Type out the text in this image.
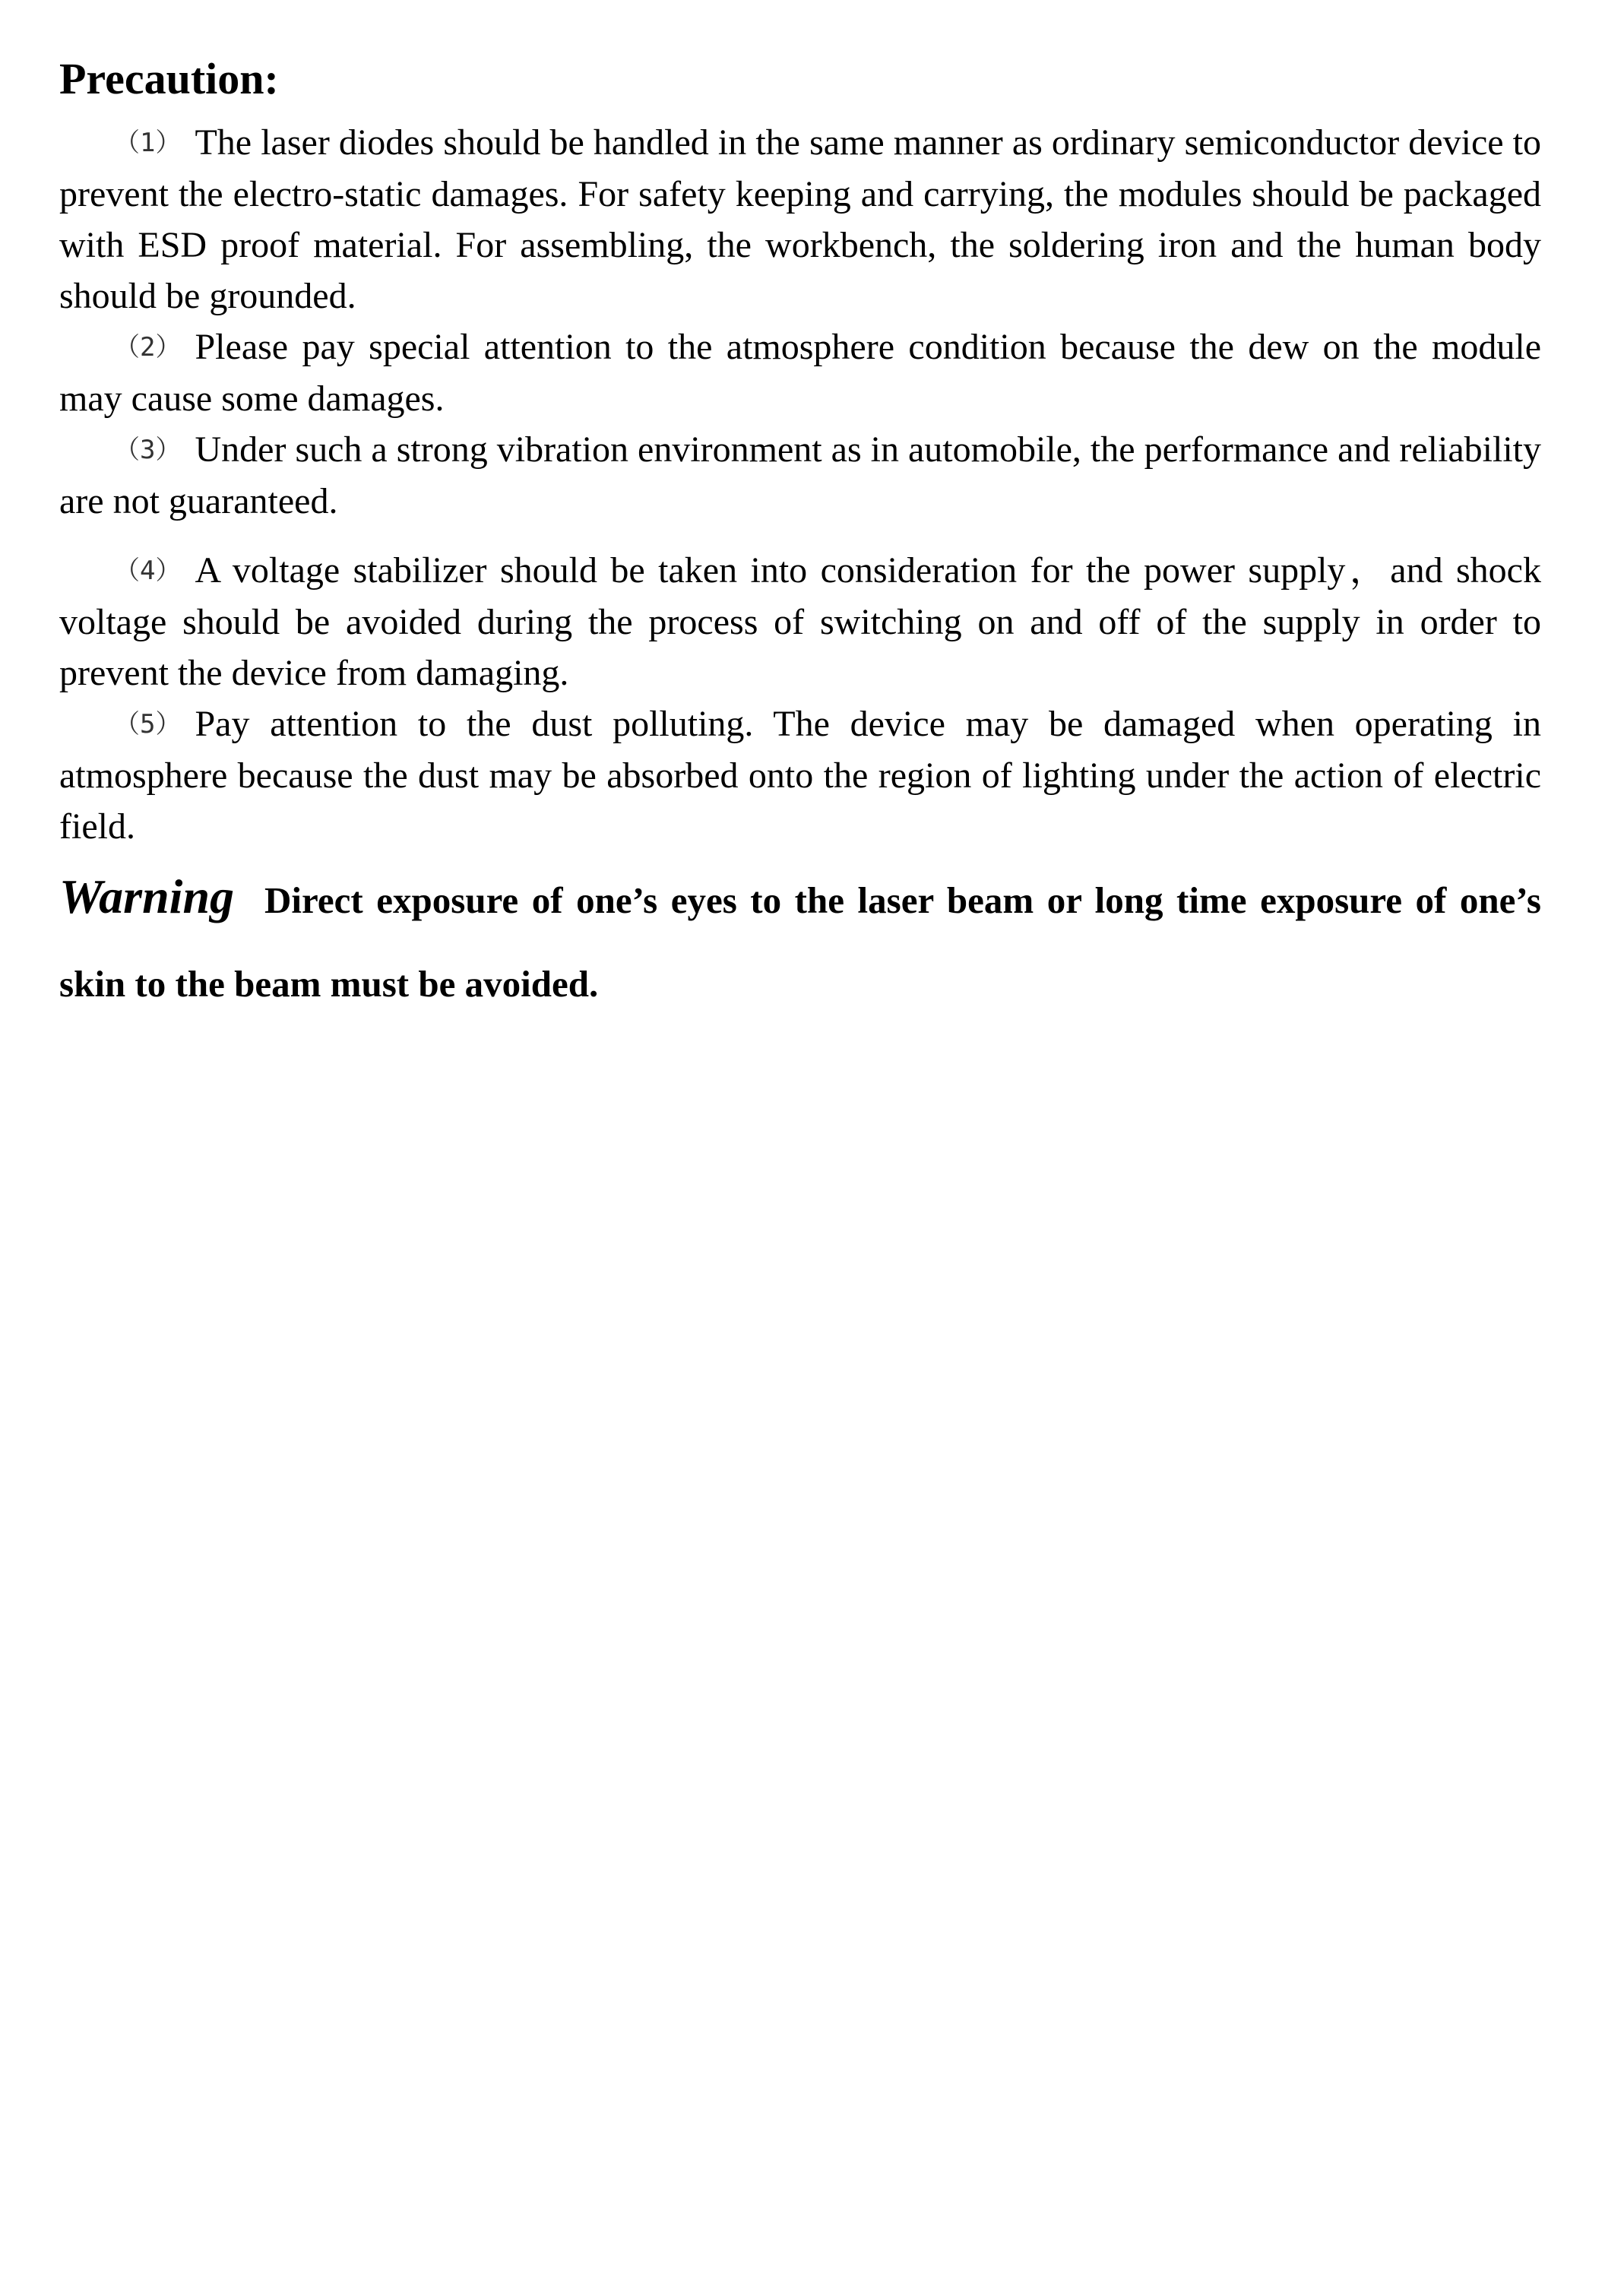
Precaution:

（1） The laser diodes should be handled in the same manner as ordinary semiconductor device to prevent the electro-static damages. For safety keeping and carrying, the modules should be packaged with ESD proof material. For assembling, the workbench, the soldering iron and the human body should be grounded.

（2） Please pay special attention to the atmosphere condition because the dew on the module may cause some damages.

（3） Under such a strong vibration environment as in automobile, the performance and reliability are not guaranteed.

（4） A voltage stabilizer should be taken into consideration for the power supply，and shock voltage should be avoided during the process of switching on and off of the supply in order to prevent the device from damaging.

（5） Pay attention to the dust polluting. The device may be damaged when operating in atmosphere because the dust may be absorbed onto the region of lighting under the action of electric field.

Warning Direct exposure of one’s eyes to the laser beam or long time exposure of one’s skin to the beam must be avoided.
